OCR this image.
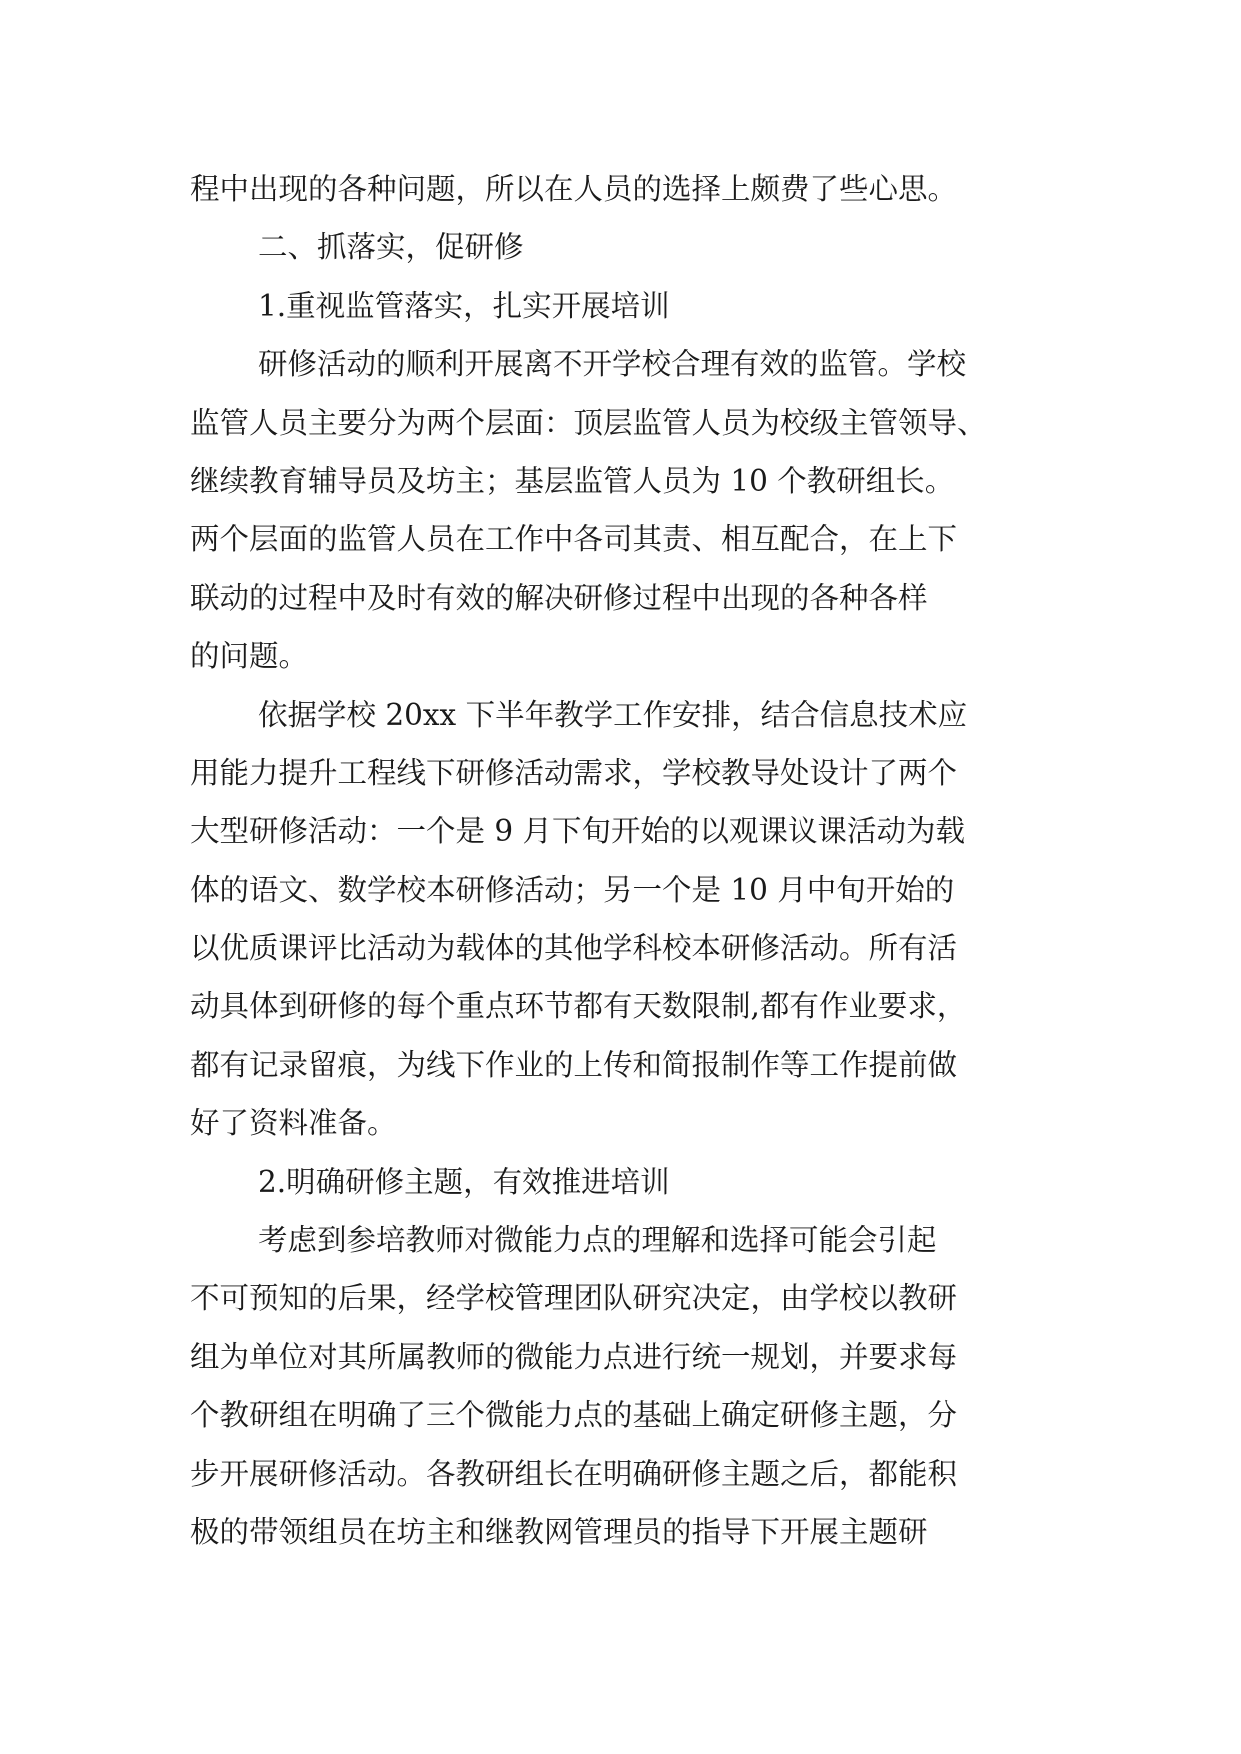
程中出现的各种问题，所以在人员的选择上颇费了些心思。
二、抓落实，促研修
1.重视监管落实，扎实开展培训
研修活动的顺利开展离不开学校合理有效的监管。学校
监管人员主要分为两个层面：顶层监管人员为校级主管领导、
继续教育辅导员及坊主；基层监管人员为 10 个教研组长。
两个层面的监管人员在工作中各司其责、相互配合，在上下
联动的过程中及时有效的解决研修过程中出现的各种各样
的问题。
依据学校 20xx 下半年教学工作安排，结合信息技术应
用能力提升工程线下研修活动需求，学校教导处设计了两个
大型研修活动：一个是 9 月下旬开始的以观课议课活动为载
体的语文、数学校本研修活动；另一个是 10 月中旬开始的
以优质课评比活动为载体的其他学科校本研修活动。所有活
动具体到研修的每个重点环节都有天数限制,都有作业要求，
都有记录留痕，为线下作业的上传和简报制作等工作提前做
好了资料准备。
2.明确研修主题，有效推进培训
考虑到参培教师对微能力点的理解和选择可能会引起
不可预知的后果，经学校管理团队研究决定，由学校以教研
组为单位对其所属教师的微能力点进行统一规划，并要求每
个教研组在明确了三个微能力点的基础上确定研修主题，分
步开展研修活动。各教研组长在明确研修主题之后，都能积
极的带领组员在坊主和继教网管理员的指导下开展主题研
